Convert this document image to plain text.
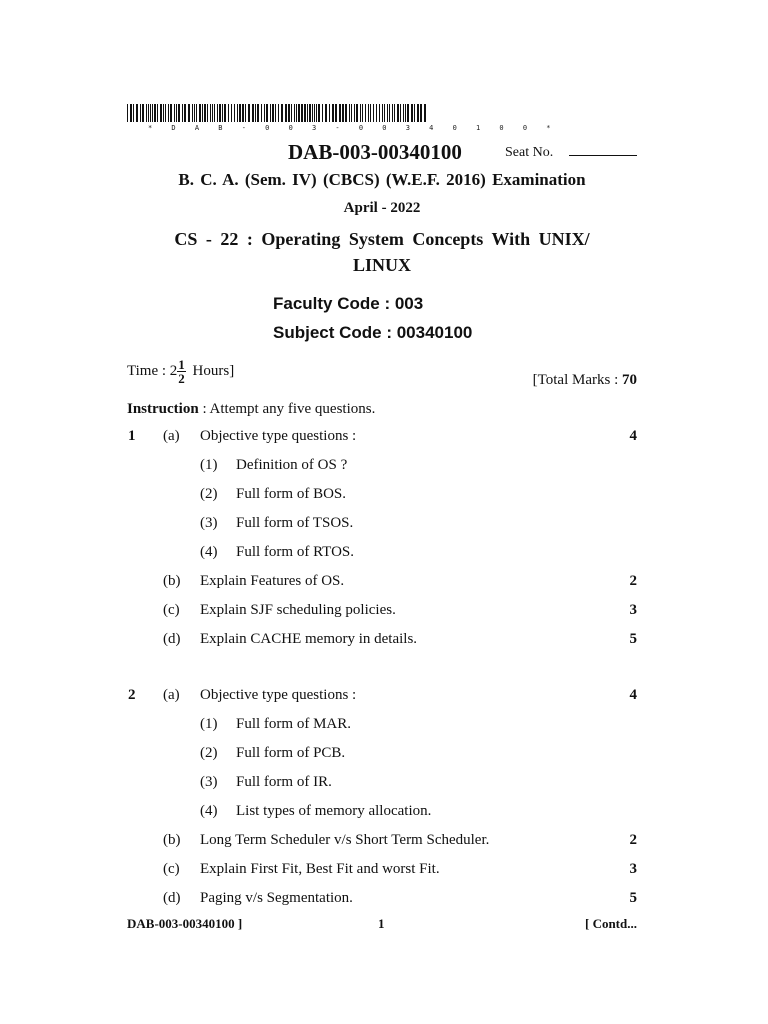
* D A B - 0 0 3 - 0 0 3 4 0 1 0 0 *
DAB-003-00340100	Seat No.
B. C. A. (Sem. IV) (CBCS) (W.E.F. 2016) Examination
April - 2022
CS - 22 : Operating System Concepts With UNIX/
LINUX
Faculty Code : 003
Subject Code : 00340100
Time : $2 \frac{1}{2}$ Hours]
[Total Marks : 70
Instruction : Attempt any five questions.
1 (a) Objective type questions :	4
(1) Definition of OS ?
(2) Full form of BOS.
(3) Full form of TSOS.
(4) Full form of RTOS.
(b) Explain Features of OS.	2
(c) Explain SJF scheduling policies.	3
(d) Explain CACHE memory in details.	5
2 (a) Objective type questions :	4
(1) Full form of MAR.
(2) Full form of PCB.
(3) Full form of IR.
(4) List types of memory allocation.
(b) Long Term Scheduler v/s Short Term Scheduler.	2
(c) Explain First Fit, Best Fit and worst Fit.	3
(d) Paging v/s Segmentation.	5
DAB-003-00340100 ]	1	[ Contd...
